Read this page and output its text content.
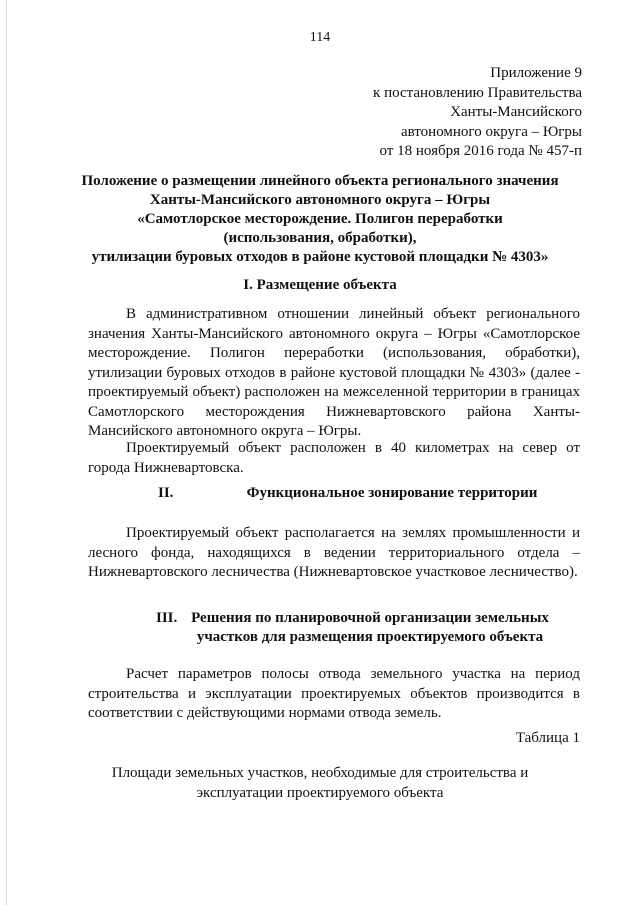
114
Приложение 9
к постановлению Правительства
Ханты-Мансийского
автономного округа – Югры
от 18 ноября 2016 года № 457-п
Положение о размещении линейного объекта регионального значения
Ханты-Мансийского автономного округа – Югры
«Самотлорское месторождение. Полигон переработки
(использования, обработки),
утилизации буровых отходов в районе кустовой площадки № 4303»
I. Размещение объекта

В административном отношении линейный объект регионального значения Ханты-Мансийского автономного округа – Югры «Самотлорское месторождение. Полигон переработки (использования, обработки), утилизации буровых отходов в районе кустовой площадки № 4303» (далее - проектируемый объект) расположен на межселенной территории в границах Самотлорского месторождения Нижневартовского района Ханты-Мансийского автономного округа – Югры.

Проектируемый объект расположен в 40 километрах на север от города Нижневартовска.

II.	Функциональное зонирование территории

Проектируемый объект располагается на землях промышленности и лесного фонда, находящихся в ведении территориального отдела – Нижневартовского лесничества (Нижневартовское участковое лесничество).

III. Решения по планировочной организации земельных
участков для размещения проектируемого объекта

Расчет параметров полосы отвода земельного участка на период строительства и эксплуатации проектируемых объектов производится в соответствии с действующими нормами отвода земель.

Таблица 1
Площади земельных участков, необходимые для строительства и
эксплуатации проектируемого объекта
